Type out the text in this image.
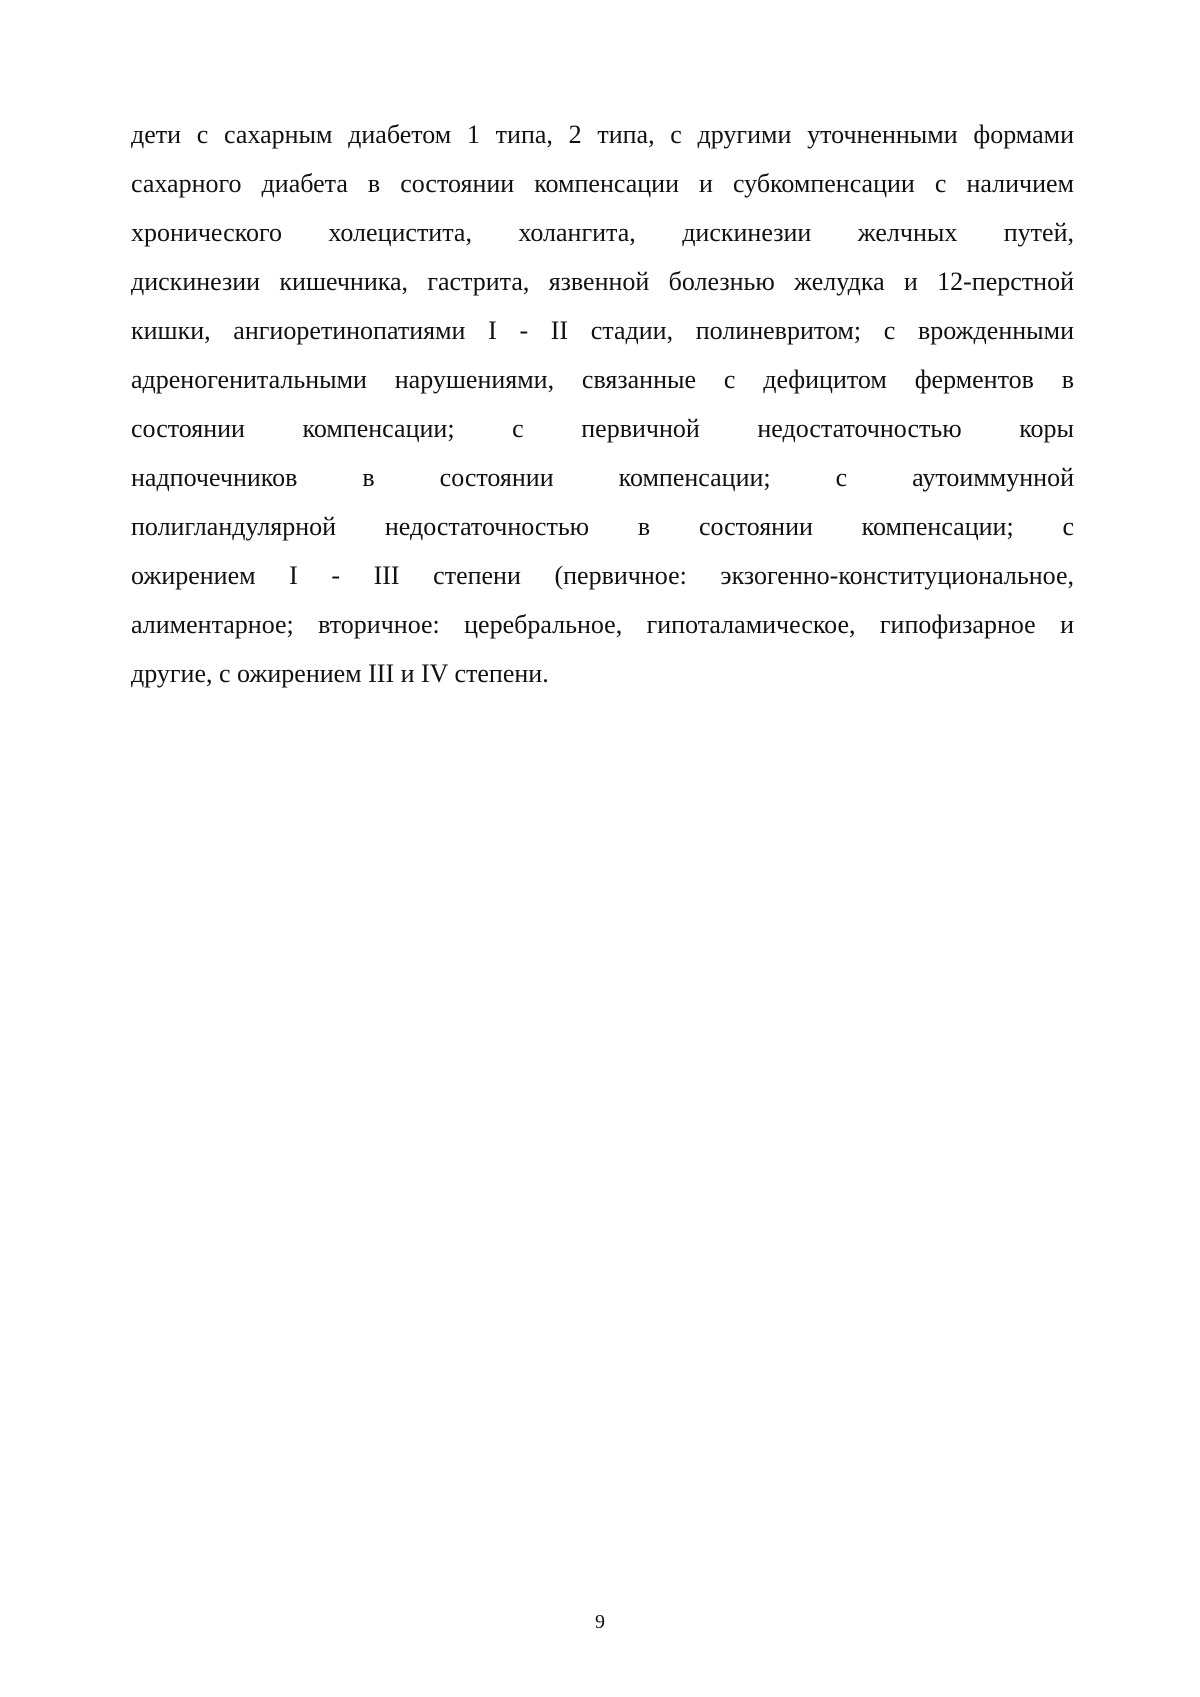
дети с сахарным диабетом 1 типа, 2 типа, с другими уточненными формами
сахарного диабета в состоянии компенсации и субкомпенсации с наличием
хронического холецистита, холангита, дискинезии желчных путей,
дискинезии кишечника, гастрита, язвенной болезнью желудка и 12-перстной
кишки, ангиоретинопатиями I - II стадии, полиневритом; с врожденными
адреногенитальными нарушениями, связанные с дефицитом ферментов в
состоянии компенсации; с первичной недостаточностью коры
надпочечников в состоянии компенсации; с аутоиммунной
полигландулярной недостаточностью в состоянии компенсации; с
ожирением I - III степени (первичное: экзогенно-конституциональное,
алиментарное; вторичное: церебральное, гипоталамическое, гипофизарное и
другие, с ожирением III и IV степени.
9
